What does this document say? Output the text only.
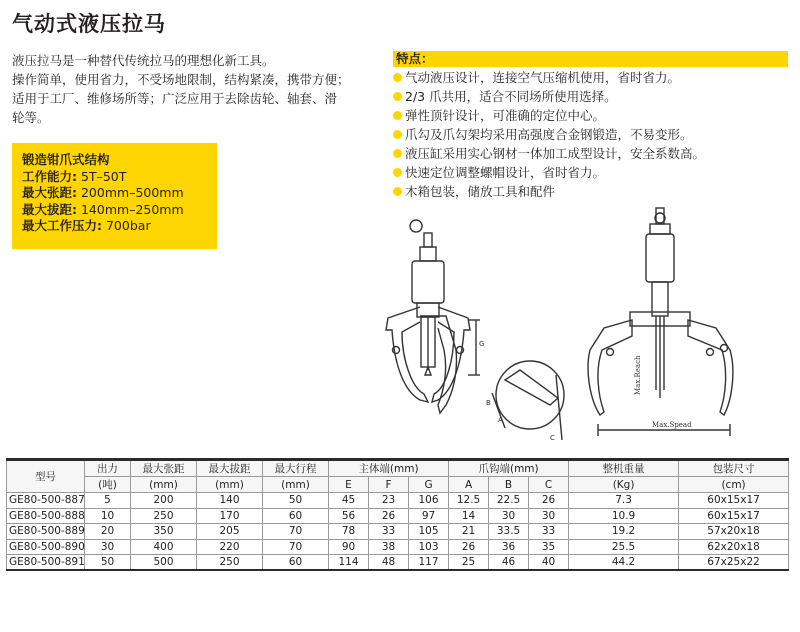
气动式液压拉马
液压拉马是一种替代传统拉马的理想化新工具。
操作简单，使用省力，不受场地限制，结构紧凑，携带方便；
适用于工厂、维修场所等；广泛应用于去除齿轮、轴套、滑
轮等。
锻造钳爪式结构
工作能力: 5T–50T
最大张距: 200mm–500mm
最大拔距: 140mm–250mm
最大工作压力: 700bar
特点：
气动液压设计，连接空气压缩机使用，省时省力。
2/3 爪共用，适合不同场所使用选择。
弹性顶针设计，可准确的定位中心。
爪勾及爪勾架均采用高强度合金钢锻造，不易变形。
液压缸采用实心钢材一体加工成型设计，安全系数高。
快速定位调整螺帽设计，省时省力。
木箱包装，储放工具和配件
G
B
A
C
Max.Spead
Max.Reach
型号	出力	最大张距	最大拔距	最大行程	主体端(mm)			爪钩端(mm)			整机重量	包装尺寸
	(吨)	(mm)	(mm)	(mm)	E	F	G	A	B	C	(Kg)	(cm)
GE80-500-887	5	200	140	50	45	23	106	12.5	22.5	26	7.3	60x15x17
GE80-500-888	10	250	170	60	56	26	97	14	30	30	10.9	60x15x17
GE80-500-889	20	350	205	70	78	33	105	21	33.5	33	19.2	57x20x18
GE80-500-890	30	400	220	70	90	38	103	26	36	35	25.5	62x20x18
GE80-500-891	50	500	250	60	114	48	117	25	46	40	44.2	67x25x22
